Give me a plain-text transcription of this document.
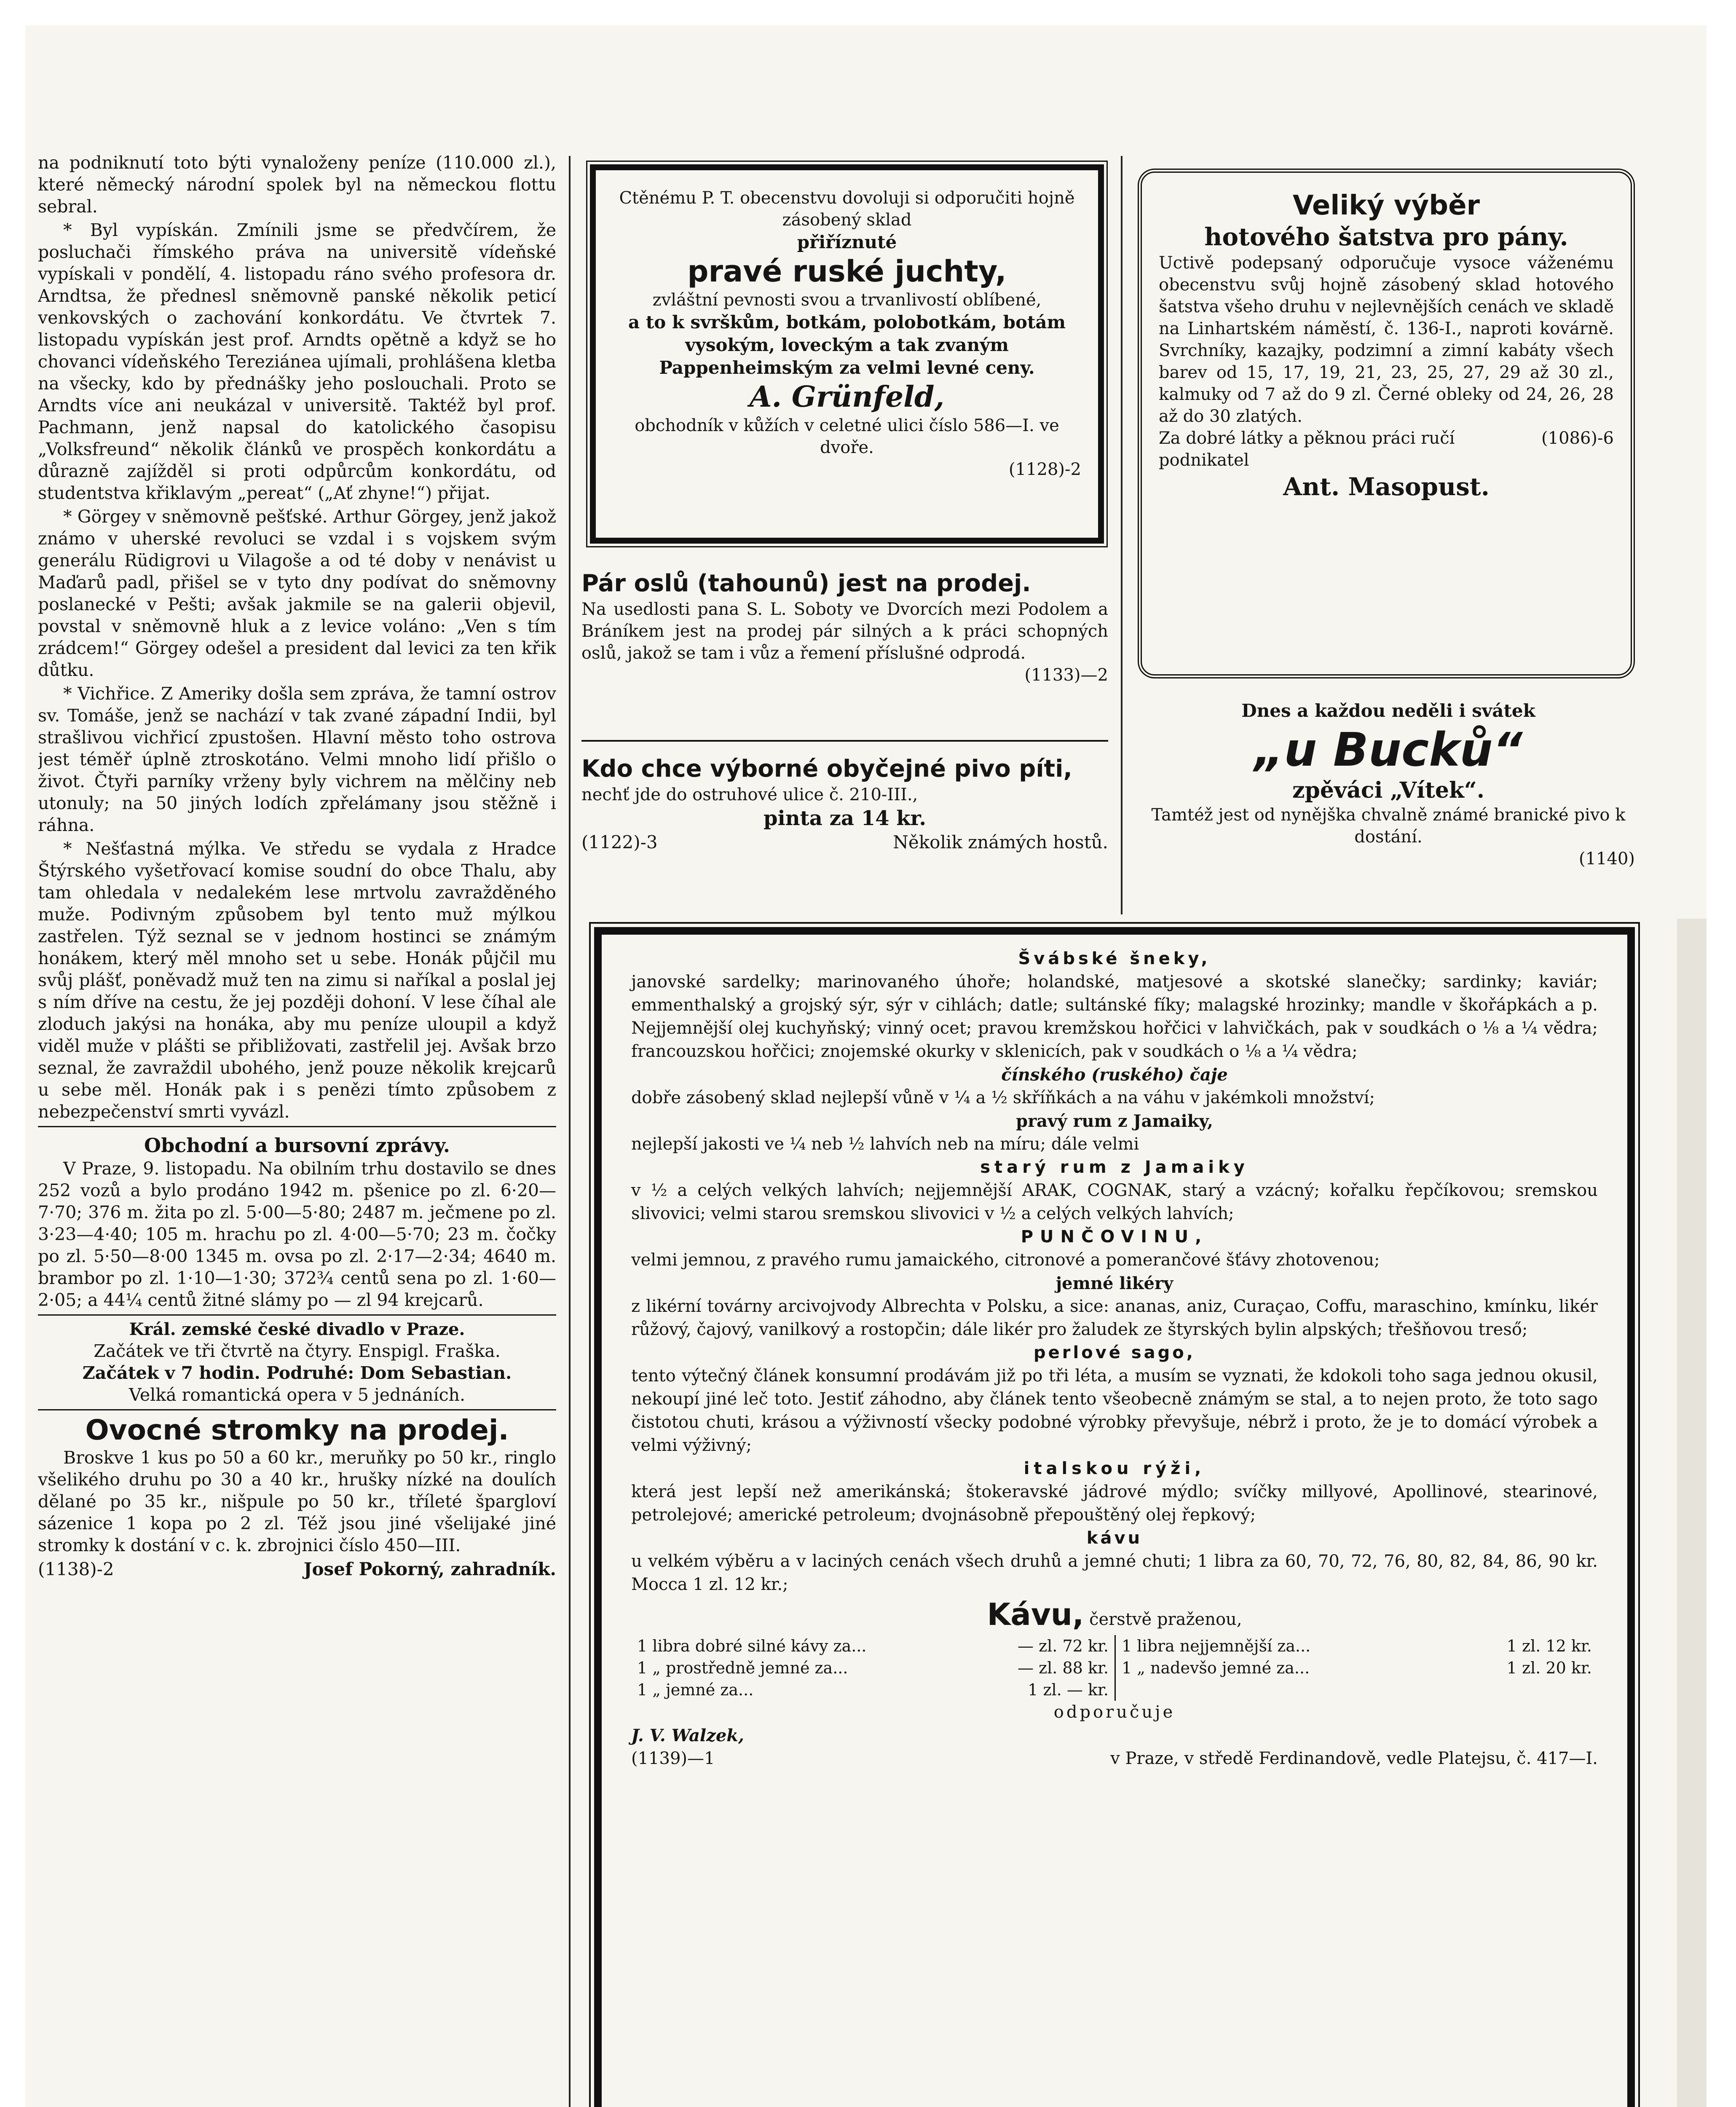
na podniknutí toto býti vynaloženy peníze (110.000 zl.), které německý národní spolek byl na německou flottu sebral.

* Byl vypískán. Zmínili jsme se předvčírem, že posluchači římského práva na universitě vídeňské vypískali v pondělí, 4. listopadu ráno svého profesora dr. Arndtsa, že přednesl sněmovně panské několik peticí venkovských o zachování konkordátu. Ve čtvrtek 7. listopadu vypískán jest prof. Arndts opětně a když se ho chovanci vídeňského Tereziánea ujímali, prohlášena kletba na všecky, kdo by přednášky jeho poslouchali. Proto se Arndts více ani neukázal v universitě. Taktéž byl prof. Pachmann, jenž napsal do katolického časopisu „Volksfreund“ několik článků ve prospěch konkordátu a důrazně zajížděl si proti odpůrcům konkordátu, od studentstva křiklavým „pereat“ („Ať zhyne!“) přijat.

* Görgey v sněmovně pešťské. Arthur Görgey, jenž jakož známo v uherské revoluci se vzdal i s vojskem svým generálu Rüdigrovi u Vilagoše a od té doby v nenávist u Maďarů padl, přišel se v tyto dny podívat do sněmovny poslanecké v Pešti; avšak jakmile se na galerii objevil, povstal v sněmovně hluk a z levice voláno: „Ven s tím zrádcem!“ Görgey odešel a president dal levici za ten křik důtku.

* Vichřice. Z Ameriky došla sem zpráva, že tamní ostrov sv. Tomáše, jenž se nachází v tak zvané západní Indii, byl strašlivou vichřicí zpustošen. Hlavní město toho ostrova jest téměř úplně ztroskotáno. Velmi mnoho lidí přišlo o život. Čtyři parníky vrženy byly vichrem na mělčiny neb utonuly; na 50 jiných lodích zpřelámany jsou stěžně i ráhna.

* Nešťastná mýlka. Ve středu se vydala z Hradce Štýrského vyšetřovací komise soudní do obce Thalu, aby tam ohledala v nedalekém lese mrtvolu zavražděného muže. Podivným způsobem byl tento muž mýlkou zastřelen. Týž seznal se v jednom hostinci se známým honákem, který měl mnoho set u sebe. Honák půjčil mu svůj plášť, poněvadž muž ten na zimu si naříkal a poslal jej s ním dříve na cestu, že jej později dohoní. V lese číhal ale zloduch jakýsi na honáka, aby mu peníze uloupil a když viděl muže v plášti se přibližovati, zastřelil jej. Avšak brzo seznal, že zavraždil ubohého, jenž pouze několik krejcarů u sebe měl. Honák pak i s penězi tímto způsobem z nebezpečenství smrti vyvázl.

Obchodní a bursovní zprávy.

V Praze, 9. listopadu. Na obilním trhu dostavilo se dnes 252 vozů a bylo prodáno 1942 m. pšenice po zl. 6·20—7·70; 376 m. žita po zl. 5·00—5·80; 2487 m. ječmene po zl. 3·23—4·40; 105 m. hrachu po zl. 4·00—5·70; 23 m. čočky po zl. 5·50—8·00 1345 m. ovsa po zl. 2·17—2·34; 4640 m. brambor po zl. 1·10—1·30; 372¾ centů sena po zl. 1·60—2·05; a 44¼ centů žitné slámy po — zl 94 krejcarů.

Král. zemské české divadlo v Praze.

Začátek ve tři čtvrtě na čtyry. Enspigl. Fraška.

Začátek v 7 hodin. Podruhé: Dom Sebastian.

Velká romantická opera v 5 jednáních.

Ovocné stromky na prodej.

Broskve 1 kus po 50 a 60 kr., meruňky po 50 kr., ringlo všelikého druhu po 30 a 40 kr., hrušky nízké na doulích dělané po 35 kr., nišpule po 50 kr., tříleté špargloví sázenice 1 kopa po 2 zl. Též jsou jiné všelijaké jiné stromky k dostání v c. k. zbrojnici číslo 450—III.

(1138)-2	Josef Pokorný, zahradník.

Ctěnému P. T. obecenstvu dovoluji si odporučiti hojně zásobený sklad

přiříznuté

pravé ruské juchty,

zvláštní pevnosti svou a trvanlivostí oblíbené,

a to k svrškům, botkám, polobotkám, botám vysokým, loveckým a tak zvaným Pappenheimským za velmi levné ceny.

A. Grünfeld,

obchodník v kůžích v celetné ulici číslo 586—I. ve dvoře.

(1128)-2

Pár oslů (tahounů) jest na prodej.

Na usedlosti pana S. L. Soboty ve Dvorcích mezi Podolem a Bráníkem jest na prodej pár silných a k práci schopných oslů, jakož se tam i vůz a řemení příslušné odprodá.

(1133)—2

Kdo chce výborné obyčejné pivo píti,

nechť jde do ostruhové ulice č. 210-III.,

pinta za 14 kr.

(1122)-3	Několik známých hostů.

Veliký výběr

hotového šatstva pro pány.

Uctivě podepsaný odporučuje vysoce váženému obecenstvu svůj hojně zásobený sklad hotového šatstva všeho druhu v nejlevnějších cenách ve skladě na Linhartském náměstí, č. 136-I., naproti kovárně. Svrchníky, kazajky, podzimní a zimní kabáty všech barev od 15, 17, 19, 21, 23, 25, 27, 29 až 30 zl., kalmuky od 7 až do 9 zl. Černé obleky od 24, 26, 28 až do 30 zlatých.

Za dobré látky a pěknou práci ručí podnikatel
(1086)-6

Ant. Masopust.

Dnes a každou neděli i svátek

„u Bucků“

zpěváci „Vítek“.

Tamtéž jest od nynějška chvalně známé branické pivo k dostání.

(1140)

Švábské šneky,

janovské sardelky; marinovaného úhoře; holandské, matjesové a skotské slanečky; sardinky; kaviár; emmenthalský a grojský sýr, sýr v cihlách; datle; sultánské fíky; malagské hrozinky; mandle v škořápkách a p. Nejjemnější olej kuchyňský; vinný ocet; pravou kremžskou hořčici v lahvičkách, pak v soudkách o ⅛ a ¼ vědra; francouzskou hořčici; znojemské okurky v sklenicích, pak v soudkách o ⅛ a ¼ vědra;

čínského (ruského) čaje

dobře zásobený sklad nejlepší vůně v ¼ a ½ skříňkách a na váhu v jakémkoli množství;

pravý rum z Jamaiky,

nejlepší jakosti ve ¼ neb ½ lahvích neb na míru; dále velmi

starý rum z Jamaiky

v ½ a celých velkých lahvích; nejjemnější ARAK, COGNAK, starý a vzácný; kořalku řepčíkovou; sremskou slivovici; velmi starou sremskou slivovici v ½ a celých velkých lahvích;

PUNČOVINU,

velmi jemnou, z pravého rumu jamaického, citronové a pomerančové šťávy zhotovenou;

jemné likéry

z likérní továrny arcivojvody Albrechta v Polsku, a sice: ananas, aniz, Curaçao, Coffu, maraschino, kmínku, likér růžový, čajový, vanilkový a rostopčin; dále likér pro žaludek ze štyrských bylin alpských; třešňovou treső;

perlové sago,

tento výtečný článek konsumní prodávám již po tři léta, a musím se vyznati, že kdokoli toho saga jednou okusil, nekoupí jiné leč toto. Jestiť záhodno, aby článek tento všeobecně známým se stal, a to nejen proto, že toto sago čistotou chuti, krásou a výživností všecky podobné výrobky převyšuje, nébrž i proto, že je to domácí výrobek a velmi výživný;

italskou rýži,

která jest lepší než amerikánská; štokeravské jádrové mýdlo; svíčky millyové, Apollinové, stearinové, petrolejové; americké petroleum; dvojnásobně přepouštěný olej řepkový;

kávu

u velkém výběru a v laciných cenách všech druhů a jemné chuti; 1 libra za 60, 70, 72, 76, 80, 82, 84, 86, 90 kr. Mocca 1 zl. 12 kr.;

Kávu, čerstvě praženou,

1 libra dobré silné kávy za...	— zl. 72 kr.
1 „ prostředně jemné za...	— zl. 88 kr.
1 „ jemné za...	1 zl. — kr.
1 libra nejjemnější za...	1 zl. 12 kr.
1 „ nadevšo jemné za...	1 zl. 20 kr.

odporučuje

J. V. Walzek,

(1139)—1	v Praze, v středě Ferdinandově, vedle Platejsu, č. 417—I.
